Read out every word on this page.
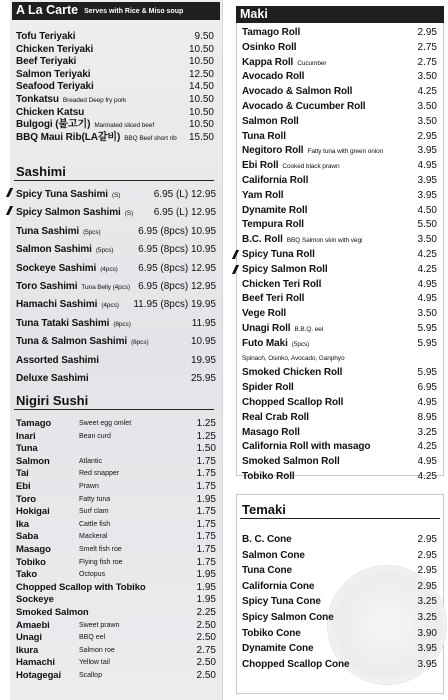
A La Carte Serves with Rice & Miso soup
Tofu Teriyaki	9.50
Chicken Teriyaki	10.50
Beef Teriyaki	10.50
Salmon Teriyaki	12.50
Seafood Teriyaki	14.50
Tonkatsu Breaded Deep fry pork	10.50
Chicken Katsu	10.50
Bulgogi (불고기) Marinated sliced beef	10.50
BBQ Maui Rib(LA갈비) BBQ Beef short rib 15.50
Sashimi
Spicy Tuna Sashimi (S)	6.95 (L) 12.95
Spicy Salmon Sashimi (S) 6.95 (L) 12.95
Tuna Sashimi (5pcs)	6.95 (8pcs) 10.95
Salmon Sashimi (5pcs) 6.95 (8pcs) 10.95
Sockeye Sashimi (4pcs) 6.95 (8pcs) 12.95
Toro Sashimi Tuna Belly (4pcs) 6.95 (8pcs) 12.95
Hamachi Sashimi (4pcs) 11.95 (8pcs) 19.95
Tuna Tataki Sashimi (8pcs)	11.95
Tuna & Salmon Sashimi (8pcs)	10.95
Assorted Sashimi	19.95
Deluxe Sashimi	25.95
Nigiri Sushi
Tamago	Sweet egg omlet	1.25
Inari	Bean curd	1.25
Tuna	1.50
Salmon	Atlantic	1.75
Tai	Red snapper	1.75
Ebi	Prawn	1.75
Toro	Fatty tuna	1.95
Hokigai	Surf clam	1.75
Ika	Cattle fish	1.75
Saba	Mackeral	1.75
Masago	Smelt fish roe	1.75
Tobiko	Flying fish roe	1.75
Tako	Octopus	1.95
Chopped Scallop with Tobiko	1.95
Sockeye	1.95
Smoked Salmon	2.25
Amaebi	Sweet prawn	2.50
Unagi	BBQ eel	2.50
Ikura	Salmon roe	2.75
Hamachi	Yellow tail	2.50
Hotagegai	Scallop	2.50
Maki
Tamago Roll	2.95
Osinko Roll	2.75
Kappa Roll Cucumber	2.75
Avocado Roll	3.50
Avocado & Salmon Roll	4.25
Avocado & Cucumber Roll	3.50
Salmon Roll	3.50
Tuna Roll	2.95
Negitoro Roll Fatty tuna with green onion	3.95
Ebi Roll Cooked black prawn	4.95
California Roll	3.95
Yam Roll	3.95
Dynamite Roll	4.50
Tempura Roll	5.50
B.C. Roll BBQ Salmon skin with vegi	3.50
Spicy Tuna Roll	4.25
Spicy Salmon Roll	4.25
Chicken Teri Roll	4.95
Beef Teri Roll	4.95
Vege Roll	3.50
Unagi Roll B.B.Q. eel	5.95
Futo Maki (5pcs)	5.95
Spinach, Osinko, Avocado, Ganphyo
Smoked Chicken Roll	5.95
Spider Roll	6.95
Chopped Scallop Roll	4.95
Real Crab Roll	8.95
Masago Roll	3.25
California Roll with masago	4.25
Smoked Salmon Roll	4.95
Tobiko Roll	4.25
Temaki
B. C. Cone	2.95
Salmon Cone	2.95
Tuna Cone	2.95
California Cone	2.95
Spicy Tuna Cone	3.25
Spicy Salmon Cone	3.25
Tobiko Cone	3.90
Dynamite Cone	3.95
Chopped Scallop Cone	3.95
